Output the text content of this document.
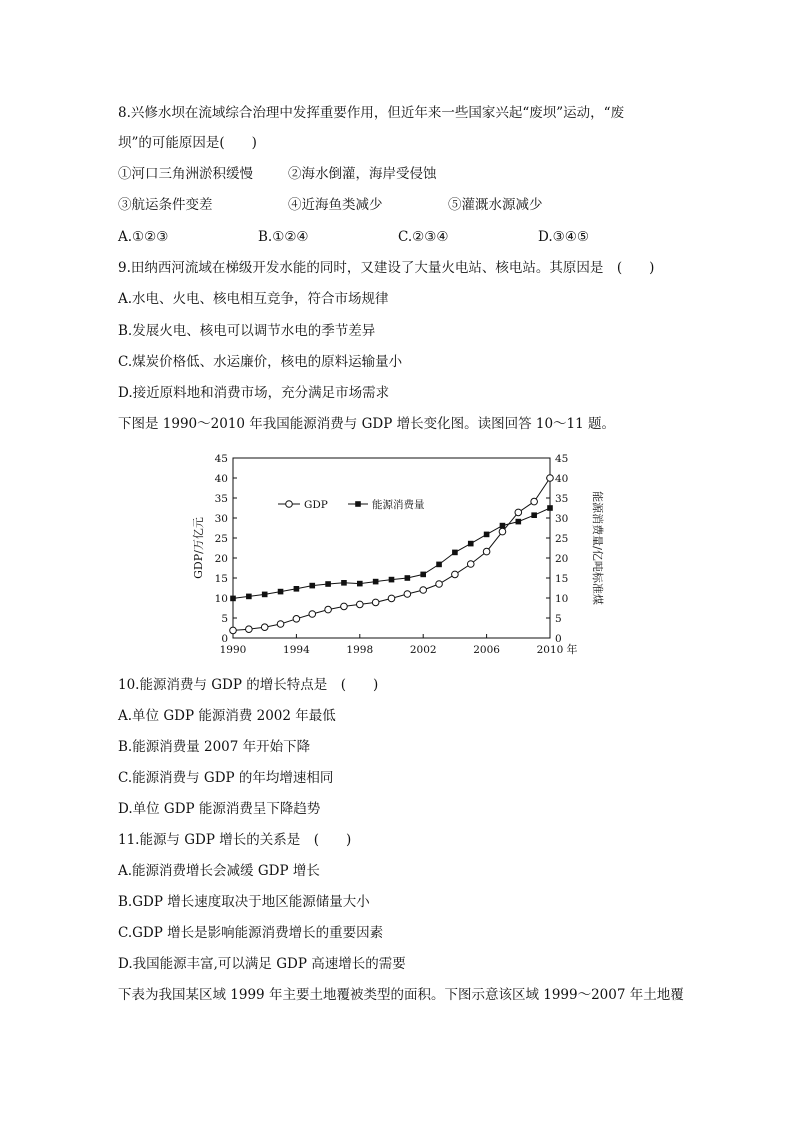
8.兴修水坝在流域综合治理中发挥重要作用，但近年来一些国家兴起“废坝”运动，“废
坝”的可能原因是(　　)
①河口三角洲淤积缓慢	②海水倒灌，海岸受侵蚀
③航运条件变差	④近海鱼类减少	⑤灌溉水源减少
A.①②③	B.①②④	C.②③④	D.③④⑤
9.田纳西河流域在梯级开发水能的同时，又建设了大量火电站、核电站。其原因是　(　　)
A.水电、火电、核电相互竞争，符合市场规律
B.发展火电、核电可以调节水电的季节差异
C.煤炭价格低、水运廉价，核电的原料运输量小
D.接近原料地和消费市场，充分满足市场需求
下图是 1990～2010 年我国能源消费与 GDP 增长变化图。读图回答 10～11 题。
0	0
5	5
10	10
15	15
20	20
25	25
30	30
35	35
40	40
45	45
1990	1994	1998	2002	2006	2010 年
GDP/万亿元	能源消费量/亿吨标准煤
GDP	能源消费量
10.能源消费与 GDP 的增长特点是　(　　)
A.单位 GDP 能源消费 2002 年最低
B.能源消费量 2007 年开始下降
C.能源消费与 GDP 的年均增速相同
D.单位 GDP 能源消费呈下降趋势
11.能源与 GDP 增长的关系是　(　　)
A.能源消费增长会减缓 GDP 增长
B.GDP 增长速度取决于地区能源储量大小
C.GDP 增长是影响能源消费增长的重要因素
D.我国能源丰富,可以满足 GDP 高速增长的需要
下表为我国某区域 1999 年主要土地覆被类型的面积。下图示意该区域 1999～2007 年土地覆
